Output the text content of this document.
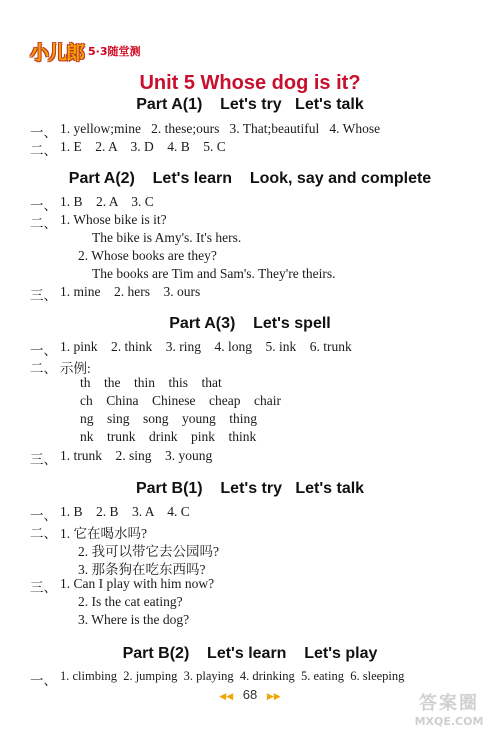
小儿郎 5·3随堂测
Unit 5 Whose dog is it?
Part A(1)    Let's try   Let's talk
一、 1. yellow;mine   2. these;ours   3. That;beautiful   4. Whose
二、 1. E    2. A    3. D    4. B    5. C
Part A(2)    Let's learn    Look, say and complete
一、 1. B    2. A    3. C
二、 1. Whose bike is it?
The bike is Amy's. It's hers.
2. Whose books are they?
The books are Tim and Sam's. They're theirs.
三、 1. mine    2. hers    3. ours
Part A(3)    Let's spell
一、 1. pink    2. think    3. ring    4. long    5. ink    6. trunk
二、 示例:
th    the    thin    this    that
ch    China    Chinese    cheap    chair
ng    sing    song    young    thing
nk    trunk    drink    pink    think
三、 1. trunk    2. sing    3. young
Part B(1)    Let's try   Let's talk
一、 1. B    2. B    3. A    4. C
二、 1. 它在喝水吗?
2. 我可以带它去公园吗?
3. 那条狗在吃东西吗?
三、 1. Can I play with him now?
2. Is the cat eating?
3. Where is the dog?
Part B(2)    Let's learn    Let's play
一、 1. climbing  2. jumping  3. playing  4. drinking  5. eating  6. sleeping
◀◀ 68 ▶▶	答案圈
MXQE.COM
